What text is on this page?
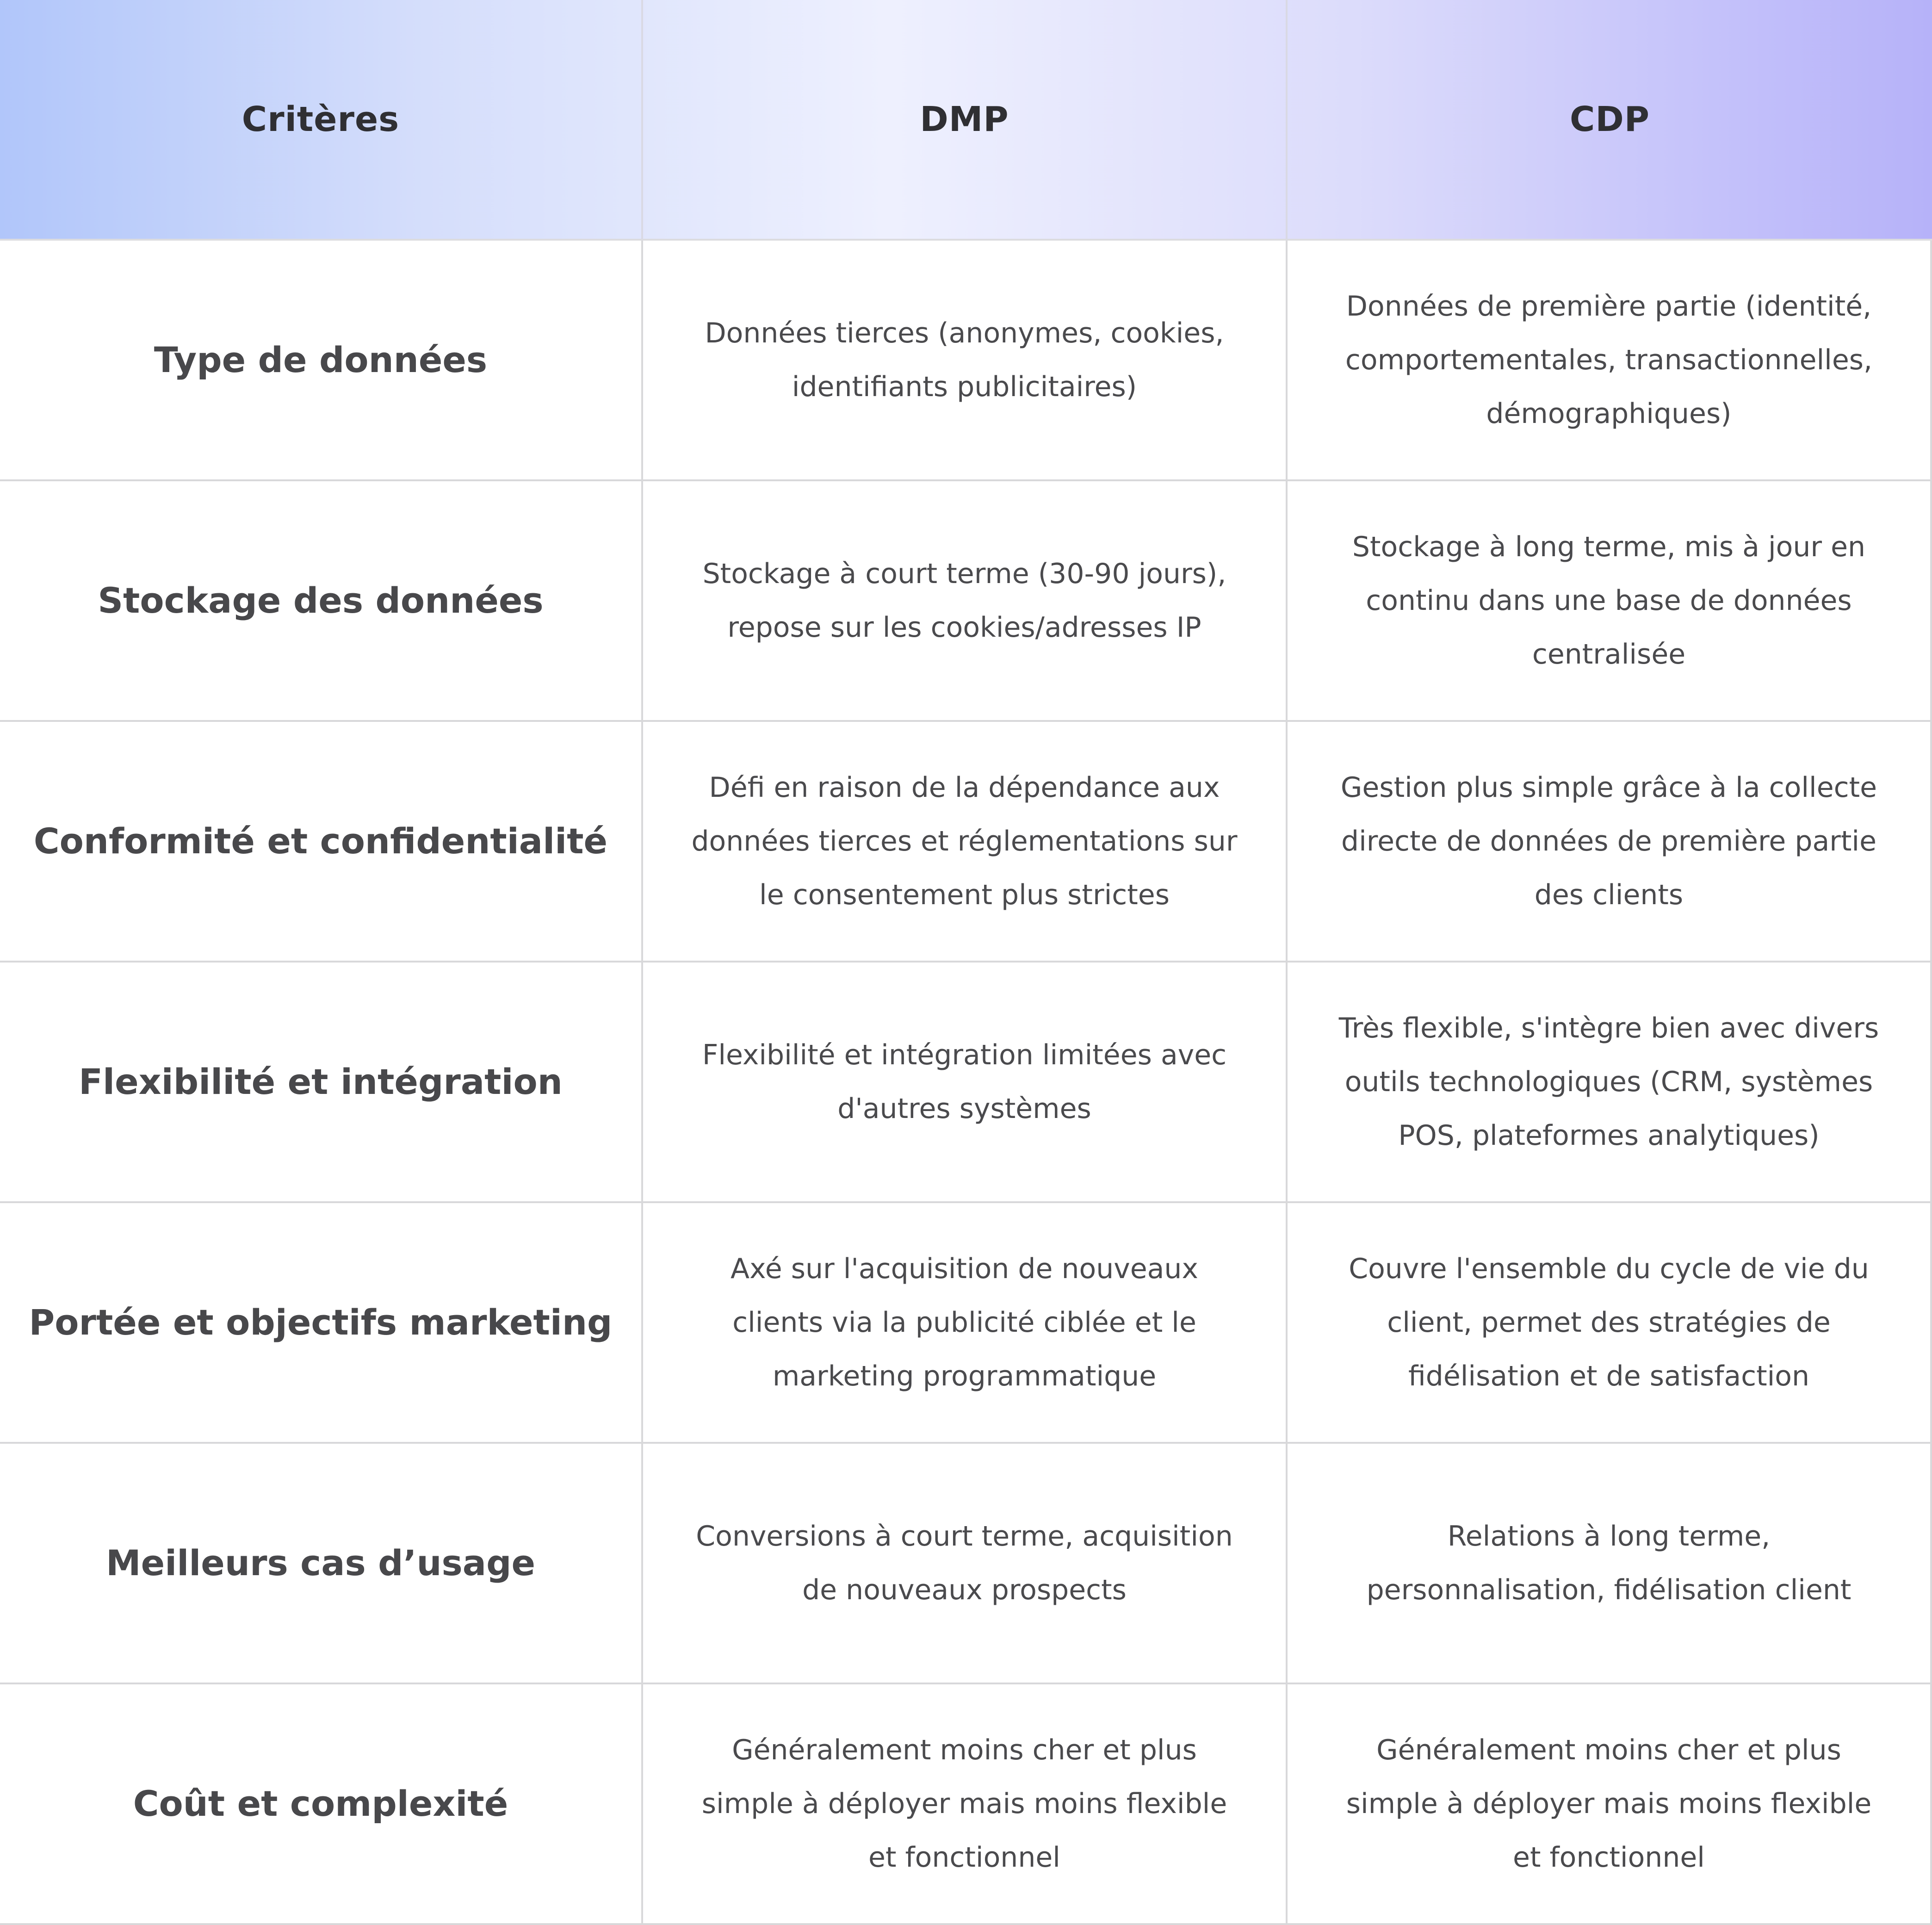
Critères	DMP	CDP
Type de données
Données tierces (anonymes, cookies, identifiants publicitaires)
Données de première partie (identité, comportementales, transactionnelles, démographiques)
Stockage des données
Stockage à court terme (30-90 jours), repose sur les cookies/adresses IP
Stockage à long terme, mis à jour en continu dans une base de données centralisée
Conformité et confidentialité
Défi en raison de la dépendance aux données tierces et réglementations sur le consentement plus strictes
Gestion plus simple grâce à la collecte directe de données de première partie des clients
Flexibilité et intégration
Flexibilité et intégration limitées avec d'autres systèmes
Très flexible, s'intègre bien avec divers outils technologiques (CRM, systèmes POS, plateformes analytiques)
Portée et objectifs marketing
Axé sur l'acquisition de nouveaux clients via la publicité ciblée et le marketing programmatique
Couvre l'ensemble du cycle de vie du client, permet des stratégies de fidélisation et de satisfaction
Meilleurs cas d’usage
Conversions à court terme, acquisition de nouveaux prospects
Relations à long terme, personnalisation, fidélisation client
Coût et complexité
Généralement moins cher et plus simple à déployer mais moins flexible et fonctionnel
Généralement moins cher et plus simple à déployer mais moins flexible et fonctionnel
